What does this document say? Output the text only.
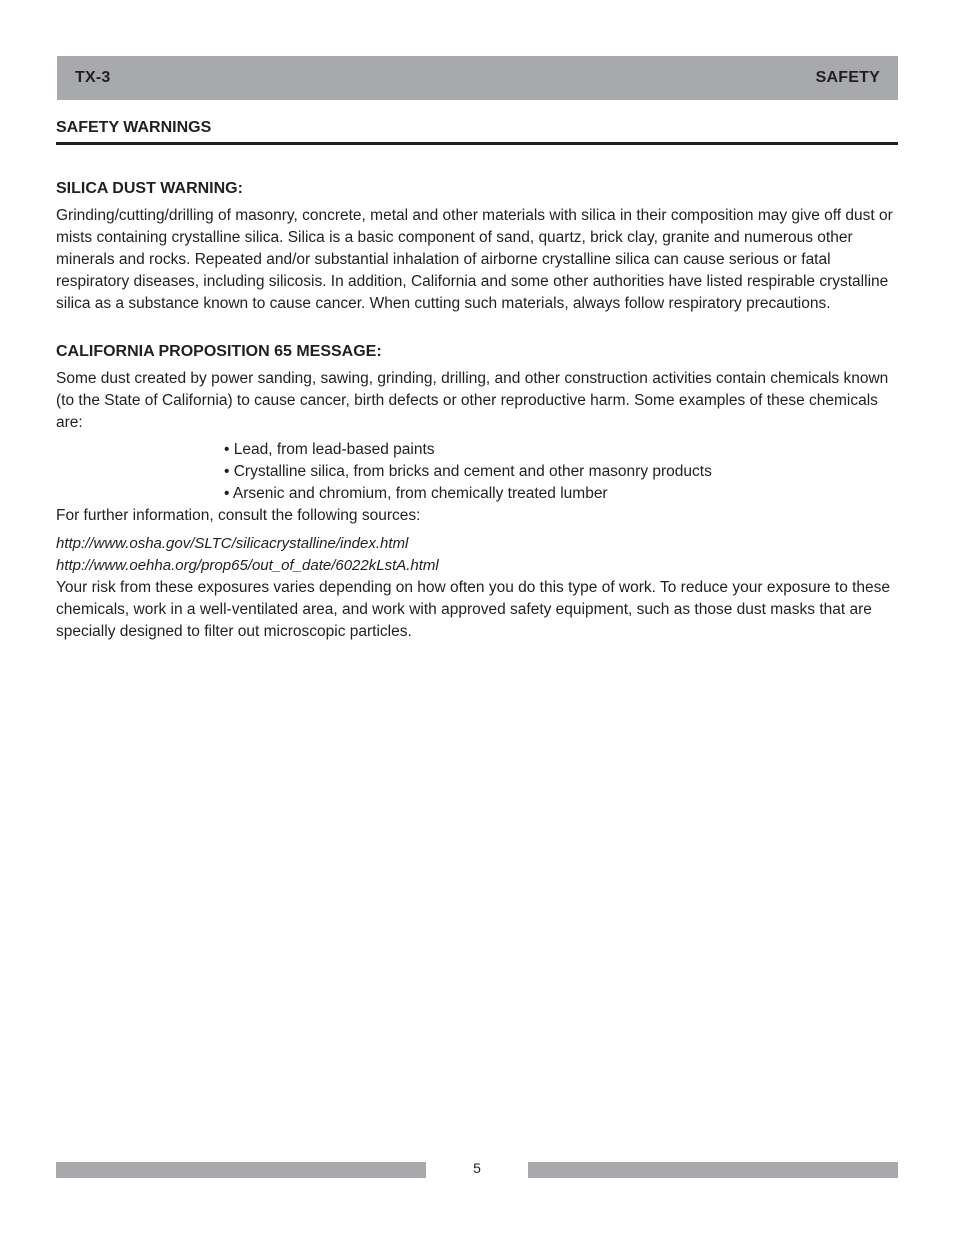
TX-3	SAFETY
SAFETY WARNINGS
SILICA DUST WARNING:

Grinding/cutting/drilling of masonry, concrete, metal and other materials with silica in their composition may give off dust or mists containing crystalline silica. Silica is a basic component of sand, quartz, brick clay, granite and numerous other minerals and rocks. Repeated and/or substantial inhalation of airborne crystalline silica can cause serious or fatal respiratory diseases, including silicosis. In addition, California and some other authorities have listed respirable crystalline silica as a substance known to cause cancer. When cutting such materials, always follow respiratory precautions.

CALIFORNIA PROPOSITION 65 MESSAGE:

Some dust created by power sanding, sawing, grinding, drilling, and other construction activities contain chemicals known (to the State of California) to cause cancer, birth defects or other reproductive harm. Some examples of these chemicals are:

• Lead, from lead-based paints
• Crystalline silica, from bricks and cement and other masonry products
• Arsenic and chromium, from chemically treated lumber

For further information, consult the following sources:

http://www.osha.gov/SLTC/silicacrystalline/index.html
http://www.oehha.org/prop65/out_of_date/6022kLstA.html

Your risk from these exposures varies depending on how often you do this type of work. To reduce your exposure to these chemicals, work in a well-ventilated area, and work with approved safety equipment, such as those dust masks that are specially designed to filter out microscopic particles.

5
